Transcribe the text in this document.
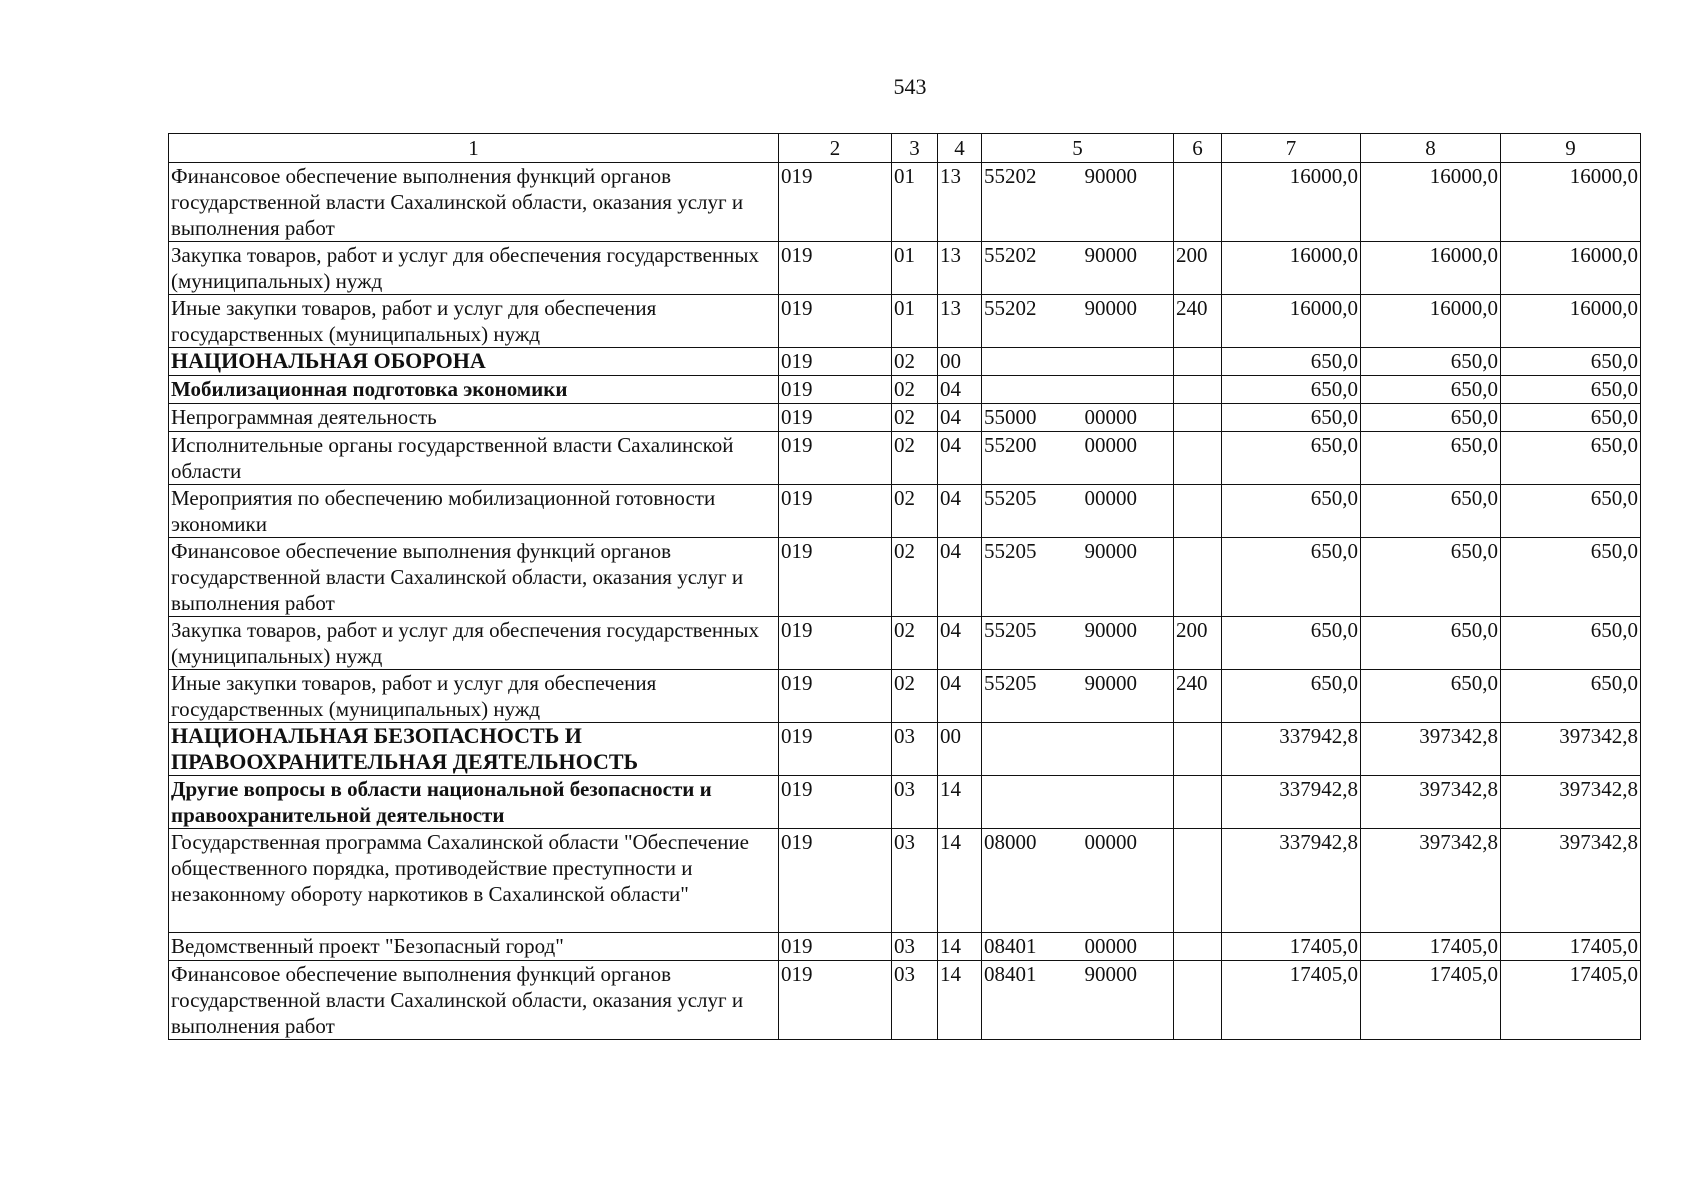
543
1	2	3	4	5	6	7	8	9
Финансовое обеспечение выполнения функций органов государственной власти Сахалинской области, оказания услуг и выполнения работ	019	01	13	55202 90000		16000,0	16000,0	16000,0
Закупка товаров, работ и услуг для обеспечения государственных (муниципальных) нужд	019	01	13	55202 90000	200	16000,0	16000,0	16000,0
Иные закупки товаров, работ и услуг для обеспечения государственных (муниципальных) нужд	019	01	13	55202 90000	240	16000,0	16000,0	16000,0
НАЦИОНАЛЬНАЯ ОБОРОНА	019	02	00			650,0	650,0	650,0
Мобилизационная подготовка экономики	019	02	04			650,0	650,0	650,0
Непрограммная деятельность	019	02	04	55000 00000		650,0	650,0	650,0
Исполнительные органы государственной власти Сахалинской области	019	02	04	55200 00000		650,0	650,0	650,0
Мероприятия по обеспечению мобилизационной готовности экономики	019	02	04	55205 00000		650,0	650,0	650,0
Финансовое обеспечение выполнения функций органов государственной власти Сахалинской области, оказания услуг и выполнения работ	019	02	04	55205 90000		650,0	650,0	650,0
Закупка товаров, работ и услуг для обеспечения государственных (муниципальных) нужд	019	02	04	55205 90000	200	650,0	650,0	650,0
Иные закупки товаров, работ и услуг для обеспечения государственных (муниципальных) нужд	019	02	04	55205 90000	240	650,0	650,0	650,0
НАЦИОНАЛЬНАЯ БЕЗОПАСНОСТЬ И ПРАВООХРАНИТЕЛЬНАЯ ДЕЯТЕЛЬНОСТЬ	019	03	00			337942,8	397342,8	397342,8
Другие вопросы в области национальной безопасности и правоохранительной деятельности	019	03	14			337942,8	397342,8	397342,8
Государственная программа Сахалинской области "Обеспечение общественного порядка, противодействие преступности и незаконному обороту наркотиков в Сахалинской области"	019	03	14	08000 00000		337942,8	397342,8	397342,8
Ведомственный проект "Безопасный город"	019	03	14	08401 00000		17405,0	17405,0	17405,0
Финансовое обеспечение выполнения функций органов государственной власти Сахалинской области, оказания услуг и выполнения работ	019	03	14	08401 90000		17405,0	17405,0	17405,0
